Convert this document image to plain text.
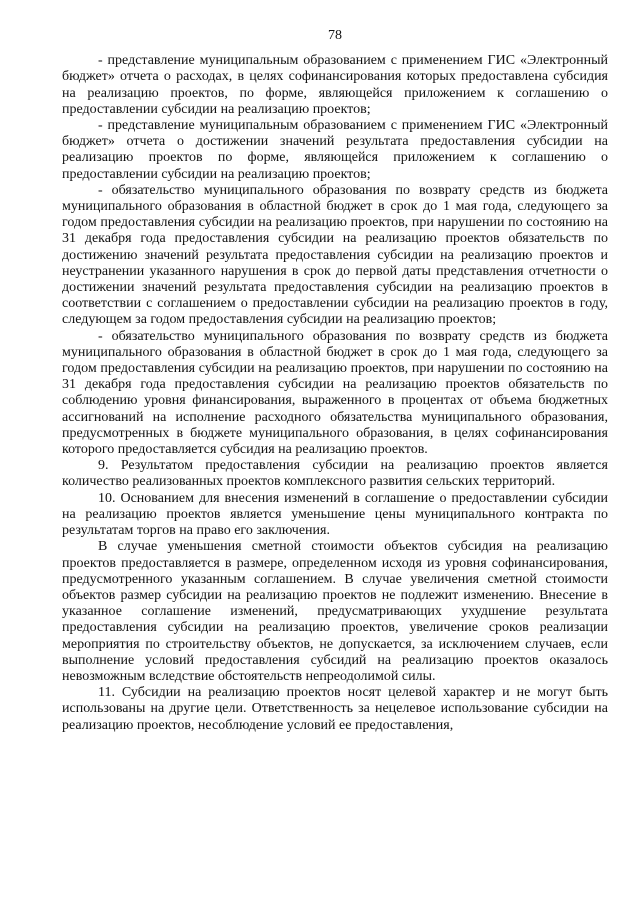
78

- представление муниципальным образованием с применением ГИС «Электронный бюджет» отчета о расходах, в целях софинансирования которых предоставлена субсидия на реализацию проектов, по форме, являющейся приложением к соглашению о предоставлении субсидии на реализацию проектов;

- представление муниципальным образованием с применением ГИС «Электронный бюджет» отчета о достижении значений результата предоставления субсидии на реализацию проектов по форме, являющейся приложением к соглашению о предоставлении субсидии на реализацию проектов;

- обязательство муниципального образования по возврату средств из бюджета муниципального образования в областной бюджет в срок до 1 мая года, следующего за годом предоставления субсидии на реализацию проектов, при нарушении по состоянию на 31 декабря года предоставления субсидии на реализацию проектов обязательств по достижению значений результата предоставления субсидии на реализацию проектов и неустранении указанного нарушения в срок до первой даты представления отчетности о достижении значений результата предоставления субсидии на реализацию проектов в соответствии с соглашением о предоставлении субсидии на реализацию проектов в году, следующем за годом предоставления субсидии на реализацию проектов;

- обязательство муниципального образования по возврату средств из бюджета муниципального образования в областной бюджет в срок до 1 мая года, следующего за годом предоставления субсидии на реализацию проектов, при нарушении по состоянию на 31 декабря года предоставления субсидии на реализацию проектов обязательств по соблюдению уровня финансирования, выраженного в процентах от объема бюджетных ассигнований на исполнение расходного обязательства муниципального образования, предусмотренных в бюджете муниципального образования, в целях софинансирования которого предоставляется субсидия на реализацию проектов.

9. Результатом предоставления субсидии на реализацию проектов является количество реализованных проектов комплексного развития сельских территорий.

10. Основанием для внесения изменений в соглашение о предоставлении субсидии на реализацию проектов является уменьшение цены муниципального контракта по результатам торгов на право его заключения.

В случае уменьшения сметной стоимости объектов субсидия на реализацию проектов предоставляется в размере, определенном исходя из уровня софинансирования, предусмотренного указанным соглашением. В случае увеличения сметной стоимости объектов размер субсидии на реализацию проектов не подлежит изменению. Внесение в указанное соглашение изменений, предусматривающих ухудшение результата предоставления субсидии на реализацию проектов, увеличение сроков реализации мероприятия по строительству объектов, не допускается, за исключением случаев, если выполнение условий предоставления субсидий на реализацию проектов оказалось невозможным вследствие обстоятельств непреодолимой силы.

11. Субсидии на реализацию проектов носят целевой характер и не могут быть использованы на другие цели. Ответственность за нецелевое использование субсидии на реализацию проектов, несоблюдение условий ее предоставления,
